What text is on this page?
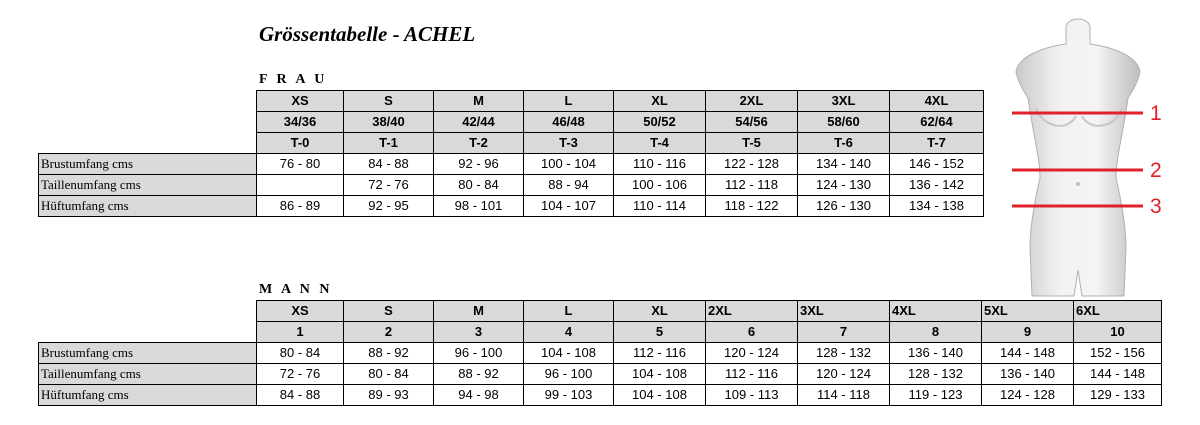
Grössentabelle - ACHEL
F R A U
	XS	S	M	L	XL	2XL	3XL	4XL
	34/36	38/40	42/44	46/48	50/52	54/56	58/60	62/64
	T-0	T-1	T-2	T-3	T-4	T-5	T-6	T-7
Brustumfang cms	76 - 80	84 - 88	92 - 96	100 - 104	110 - 116	122 - 128	134 - 140	146 - 152
Taillenumfang cms		72 - 76	80 - 84	88 - 94	100 - 106	112 - 118	124 - 130	136 - 142
Hüftumfang cms	86 - 89	92 - 95	98 - 101	104 - 107	110 - 114	118 - 122	126 - 130	134 - 138
M A N N
	XS	S	M	L	XL	2XL	3XL	4XL	5XL	6XL
	1	2	3	4	5	6	7	8	9	10
Brustumfang cms	80 - 84	88 - 92	96 - 100	104 - 108	112 - 116	120 - 124	128 - 132	136 - 140	144 - 148	152 - 156
Taillenumfang cms	72 - 76	80 - 84	88 - 92	96 - 100	104 - 108	112 - 116	120 - 124	128 - 132	136 - 140	144 - 148
Hüftumfang cms	84 - 88	89 - 93	94 - 98	99 - 103	104 - 108	109 - 113	114 - 118	119 - 123	124 - 128	129 - 133
1
2
3
